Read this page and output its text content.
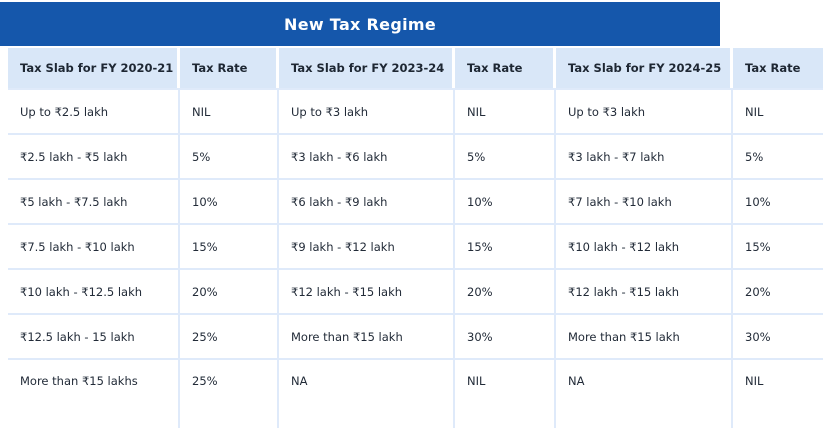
New Tax Regime
Tax Slab for FY 2020-21	Tax Rate	Tax Slab for FY 2023-24	Tax Rate	Tax Slab for FY 2024-25	Tax Rate
Up to ₹2.5 lakh	NIL	Up to ₹3 lakh	NIL	Up to ₹3 lakh	NIL
₹2.5 lakh - ₹5 lakh	5%	₹3 lakh - ₹6 lakh	5%	₹3 lakh - ₹7 lakh	5%
₹5 lakh - ₹7.5 lakh	10%	₹6 lakh - ₹9 lakh	10%	₹7 lakh - ₹10 lakh	10%
₹7.5 lakh - ₹10 lakh	15%	₹9 lakh - ₹12 lakh	15%	₹10 lakh - ₹12 lakh	15%
₹10 lakh - ₹12.5 lakh	20%	₹12 lakh - ₹15 lakh	20%	₹12 lakh - ₹15 lakh	20%
₹12.5 lakh - 15 lakh	25%	More than ₹15 lakh	30%	More than ₹15 lakh	30%
More than ₹15 lakhs	25%	NA	NIL	NA	NIL
